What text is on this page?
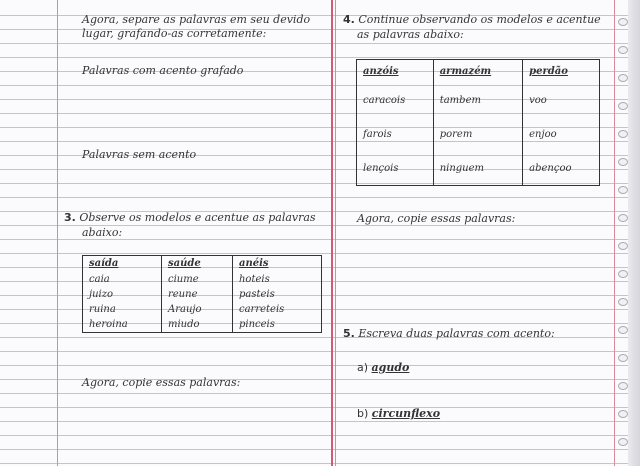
Agora, separe as palavras em seu devido
lugar, grafando-as corretamente:
Palavras com acento grafado
Palavras sem acento
3. Observe os modelos e acentue as palavras
abaixo:
saída	saúde	anéis
caia	ciume	hoteis
juizo	reune	pasteis
ruina	Araujo	carreteis
heroina	miudo	pinceis
Agora, copie essas palavras:
4. Continue observando os modelos e acentue
as palavras abaixo:
anzóis	armazém	perdão
caracois	tambem	voo
farois	porem	enjoo
lençois	ninguem	abençoo
Agora, copie essas palavras:
5. Escreva duas palavras com acento:
a) agudo
b) circunflexo
